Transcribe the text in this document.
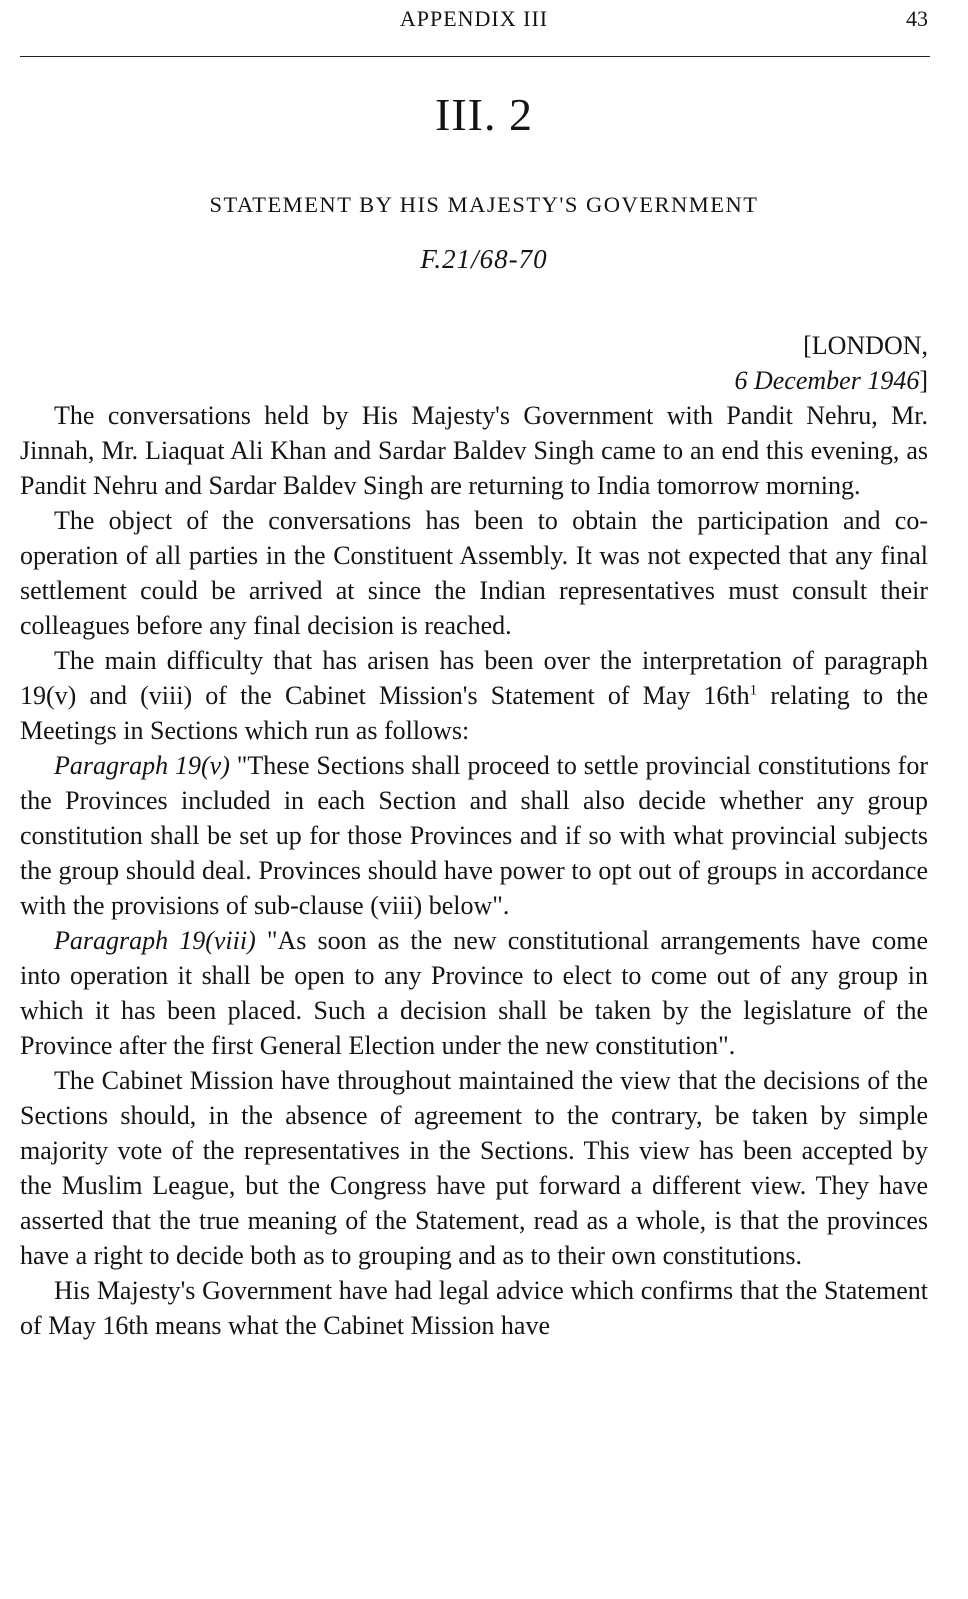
APPENDIX III	43
III. 2
STATEMENT BY HIS MAJESTY'S GOVERNMENT
F.21/68-70
[LONDON,
6 December 1946]

The conversations held by His Majesty's Government with Pandit Nehru, Mr. Jinnah, Mr. Liaquat Ali Khan and Sardar Baldev Singh came to an end this evening, as Pandit Nehru and Sardar Baldev Singh are returning to India tomorrow morning.

The object of the conversations has been to obtain the participation and co-operation of all parties in the Constituent Assembly. It was not expected that any final settlement could be arrived at since the Indian representatives must consult their colleagues before any final decision is reached.

The main difficulty that has arisen has been over the interpretation of paragraph 19(v) and (viii) of the Cabinet Mission's Statement of May $16th^1$ relating to the Meetings in Sections which run as follows:

Paragraph 19(v) "These Sections shall proceed to settle provincial constitutions for the Provinces included in each Section and shall also decide whether any group constitution shall be set up for those Provinces and if so with what provincial subjects the group should deal. Provinces should have power to opt out of groups in accordance with the provisions of sub-clause (viii) below".

Paragraph 19(viii) "As soon as the new constitutional arrangements have come into operation it shall be open to any Province to elect to come out of any group in which it has been placed. Such a decision shall be taken by the legislature of the Province after the first General Election under the new constitution".

The Cabinet Mission have throughout maintained the view that the decisions of the Sections should, in the absence of agreement to the contrary, be taken by simple majority vote of the representatives in the Sections. This view has been accepted by the Muslim League, but the Congress have put forward a different view. They have asserted that the true meaning of the Statement, read as a whole, is that the provinces have a right to decide both as to grouping and as to their own constitutions.

His Majesty's Government have had legal advice which confirms that the Statement of May 16th means what the Cabinet Mission have
